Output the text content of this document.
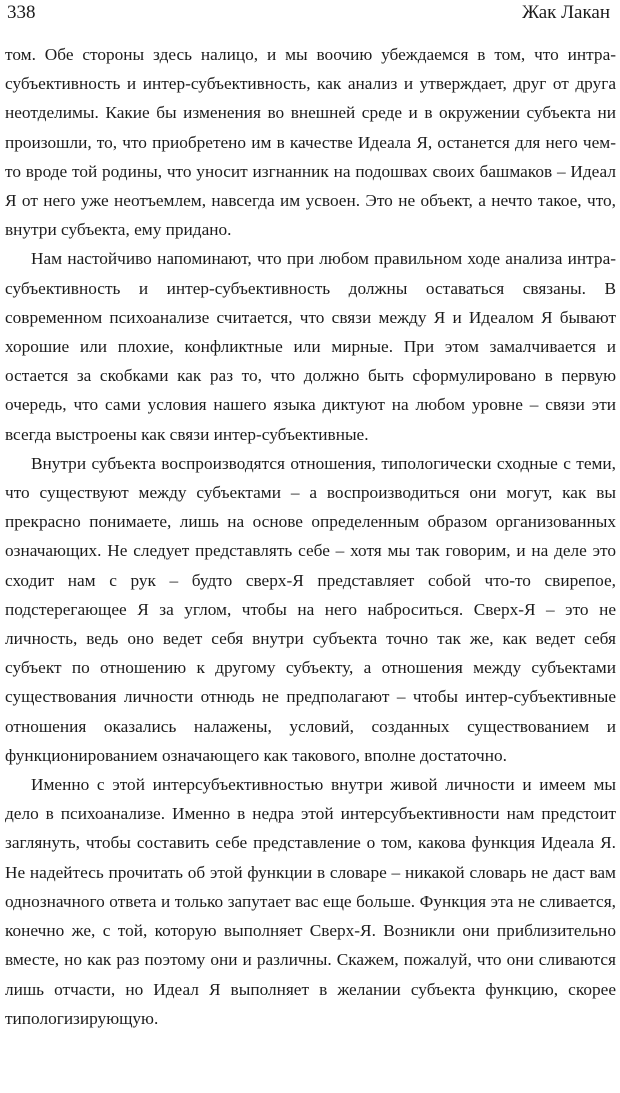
338	Жак Лакан

том. Обе стороны здесь налицо, и мы воочию убеждаемся в том, что интра-субъективность и интер-субъективность, как анализ и утверждает, друг от друга неотделимы. Какие бы изменения во внешней среде и в окружении субъекта ни произошли, то, что приобретено им в качестве Идеала Я, останется для него чем-то вроде той родины, что уносит изгнанник на подошвах своих башмаков – Идеал Я от него уже неотъемлем, навсегда им усвоен. Это не объект, а нечто такое, что, внутри субъекта, ему придано.

Нам настойчиво напоминают, что при любом правильном ходе анализа интра-субъективность и интер-субъективность должны оставаться связаны. В современном психоанализе считается, что связи между Я и Идеалом Я бывают хорошие или плохие, конфликтные или мирные. При этом замалчивается и остается за скобками как раз то, что должно быть сформулировано в первую очередь, что сами условия нашего языка диктуют на любом уровне – связи эти всегда выстроены как связи интер-субъективные.

Внутри субъекта воспроизводятся отношения, типологически сходные с теми, что существуют между субъектами – а воспроизводиться они могут, как вы прекрасно понимаете, лишь на основе определенным образом организованных означающих. Не следует представлять себе – хотя мы так говорим, и на деле это сходит нам с рук – будто сверх-Я представляет собой что-то свирепое, подстерегающее Я за углом, чтобы на него наброситься. Сверх-Я – это не личность, ведь оно ведет себя внутри субъекта точно так же, как ведет себя субъект по отношению к другому субъекту, а отношения между субъектами существования личности отнюдь не предполагают – чтобы интер-субъективные отношения оказались налажены, условий, созданных существованием и функционированием означающего как такового, вполне достаточно.

Именно с этой интерсубъективностью внутри живой личности и имеем мы дело в психоанализе. Именно в недра этой интерсубъективности нам предстоит заглянуть, чтобы составить себе представление о том, какова функция Идеала Я. Не надейтесь прочитать об этой функции в словаре – никакой словарь не даст вам однозначного ответа и только запутает вас еще больше. Функция эта не сливается, конечно же, с той, которую выполняет Сверх-Я. Возникли они приблизительно вместе, но как раз поэтому они и различны. Скажем, пожалуй, что они сливаются лишь отчасти, но Идеал Я выполняет в желании субъекта функцию, скорее типологизирующую.
